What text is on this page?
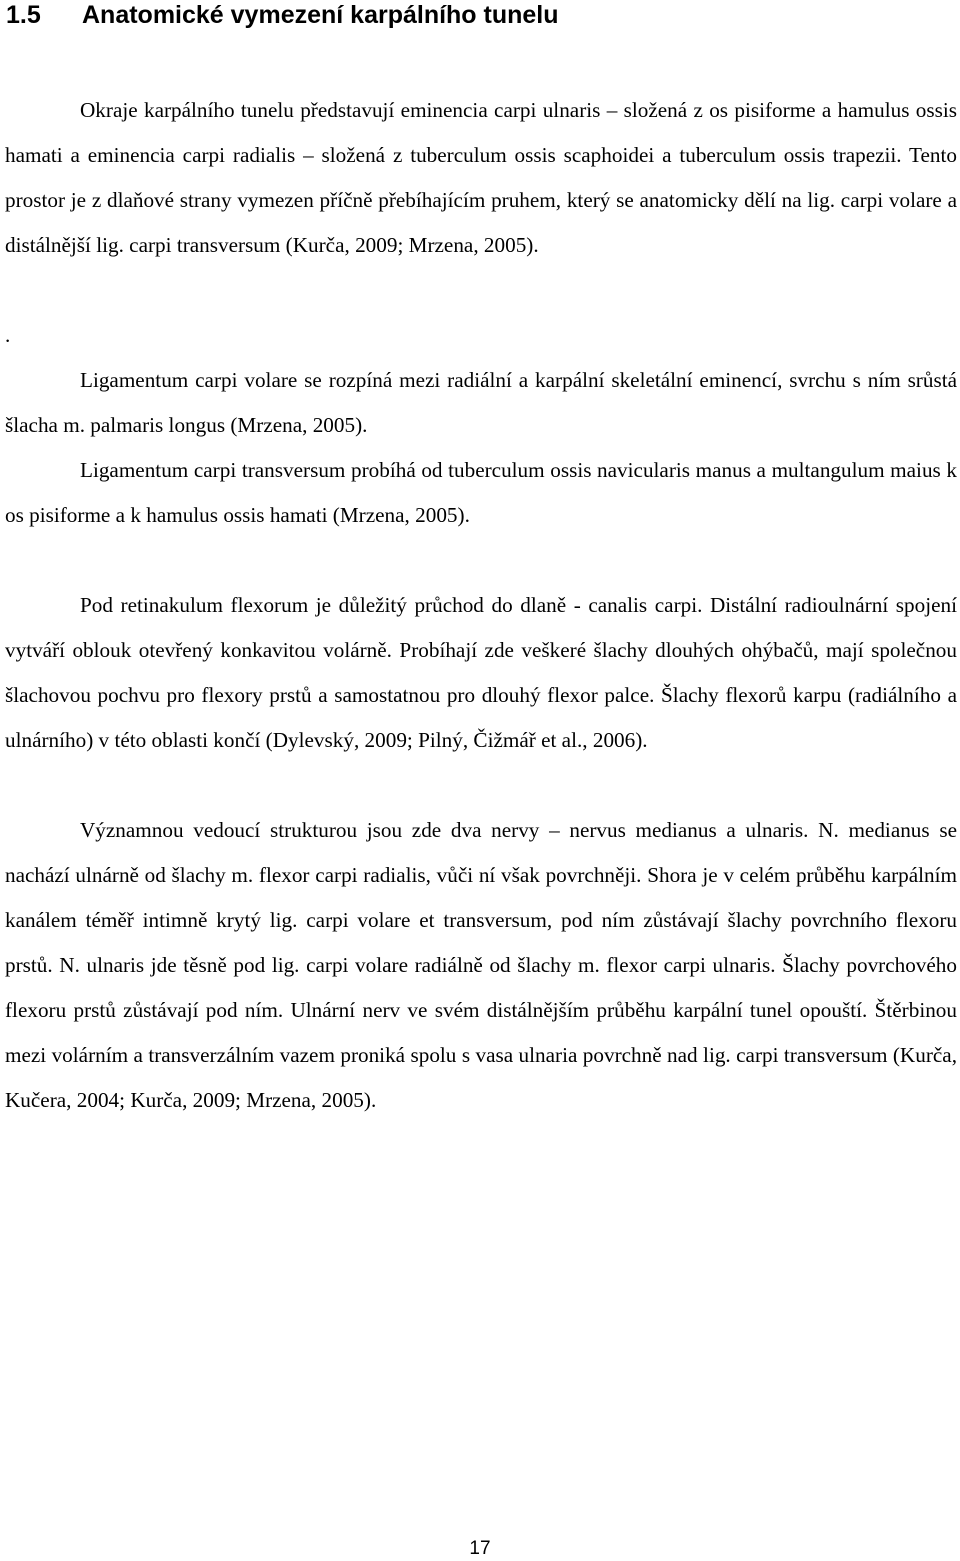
1.5 Anatomické vymezení karpálního tunelu

Okraje karpálního tunelu představují eminencia carpi ulnaris – složená z os pisiforme a hamulus ossis hamati a eminencia carpi radialis – složená z tuberculum ossis scaphoidei a tuberculum ossis trapezii. Tento prostor je z dlaňové strany vymezen příčně přebíhajícím pruhem, který se anatomicky dělí na lig. carpi volare a distálnější lig. carpi transversum (Kurča, 2009; Mrzena, 2005).

.

Ligamentum carpi volare se rozpíná mezi radiální a karpální skeletální eminencí, svrchu s ním srůstá šlacha m. palmaris longus (Mrzena, 2005).

Ligamentum carpi transversum probíhá od tuberculum ossis navicularis manus a multangulum maius k os pisiforme a k hamulus ossis hamati (Mrzena, 2005).

Pod retinakulum flexorum je důležitý průchod do dlaně - canalis carpi. Distální radioulnární spojení vytváří oblouk otevřený konkavitou volárně. Probíhají zde veškeré šlachy dlouhých ohýbačů, mají společnou šlachovou pochvu pro flexory prstů a samostatnou pro dlouhý flexor palce. Šlachy flexorů karpu (radiálního a ulnárního) v této oblasti končí (Dylevský, 2009; Pilný, Čižmář et al., 2006).

Významnou vedoucí strukturou jsou zde dva nervy – nervus medianus a ulnaris. N. medianus se nachází ulnárně od šlachy m. flexor carpi radialis, vůči ní však povrchněji. Shora je v celém průběhu karpálním kanálem téměř intimně krytý lig. carpi volare et transversum, pod ním zůstávají šlachy povrchního flexoru prstů. N. ulnaris jde těsně pod lig. carpi volare radiálně od šlachy m. flexor carpi ulnaris. Šlachy povrchového flexoru prstů zůstávají pod ním. Ulnární nerv ve svém distálnějším průběhu karpální tunel opouští. Štěrbinou mezi volárním a transverzálním vazem proniká spolu s vasa ulnaria povrchně nad lig. carpi transversum (Kurča, Kučera, 2004; Kurča, 2009; Mrzena, 2005).

17
